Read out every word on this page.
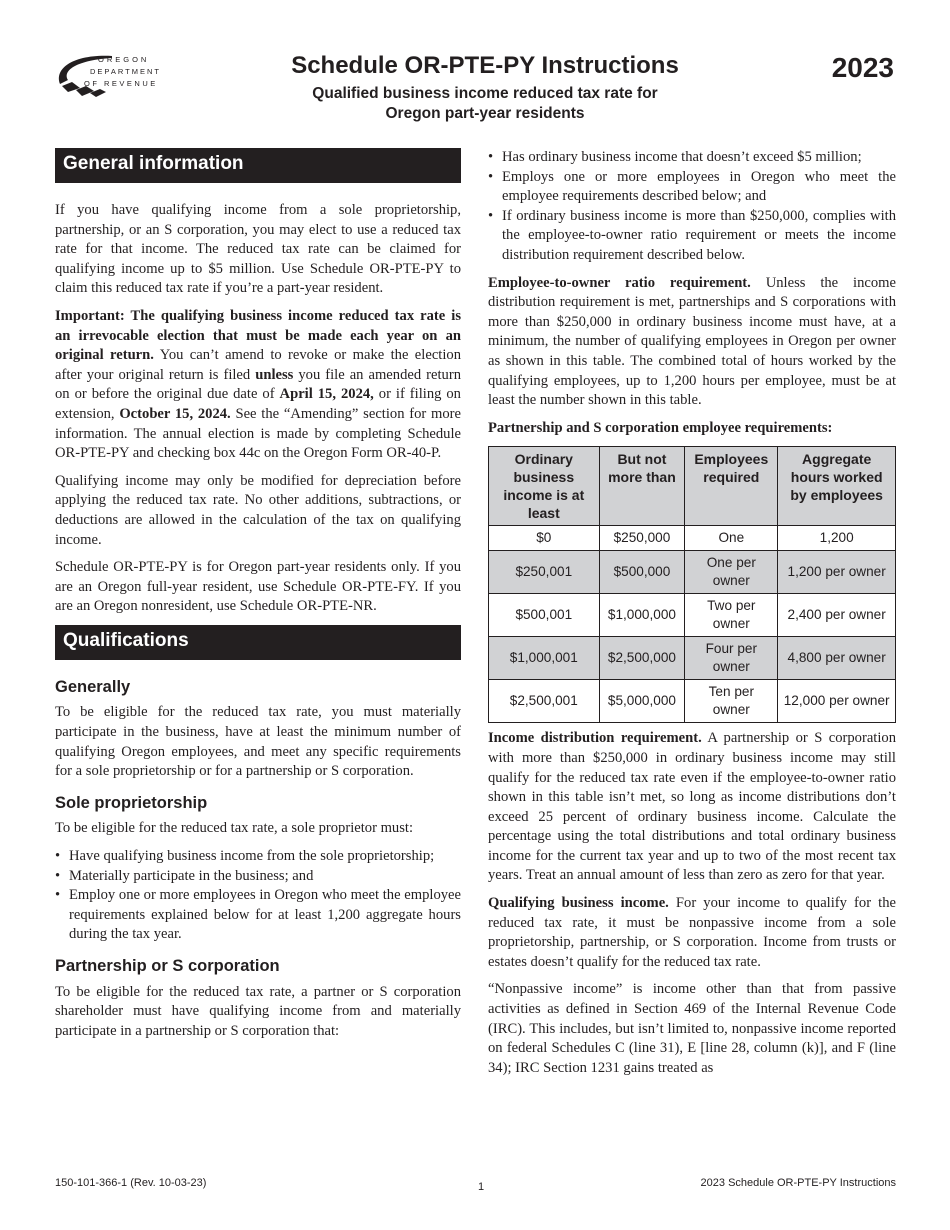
OREGON
DEPARTMENT
OF REVENUE
Schedule OR-PTE-PY Instructions
Qualified business income reduced tax rate for Oregon part-year residents
2023
General information

If you have qualifying income from a sole proprietorship, partnership, or an S corporation, you may elect to use a reduced tax rate for that income. The reduced tax rate can be claimed for qualifying income up to $5 million. Use Schedule OR-PTE-PY to claim this reduced tax rate if you’re a part-year resident.

Important: The qualifying business income reduced tax rate is an irrevocable election that must be made each year on an original return. You can’t amend to revoke or make the election after your original return is filed unless you file an amended return on or before the original due date of April 15, 2024, or if filing on extension, October 15, 2024. See the “Amending” section for more information. The annual election is made by completing Schedule OR-PTE-PY and checking box 44c on the Oregon Form OR-40-P.

Qualifying income may only be modified for depreciation before applying the reduced tax rate. No other additions, subtractions, or deductions are allowed in the calculation of the tax on qualifying income.

Schedule OR-PTE-PY is for Oregon part-year residents only. If you are an Oregon full-year resident, use Schedule OR-PTE-FY. If you are an Oregon nonresident, use Schedule OR-PTE-NR.

Qualifications
Generally

To be eligible for the reduced tax rate, you must materially participate in the business, have at least the minimum number of qualifying Oregon employees, and meet any specific requirements for a sole proprietorship or for a partnership or S corporation.

Sole proprietorship

To be eligible for the reduced tax rate, a sole proprietor must:

• Have qualifying business income from the sole proprietorship;
• Materially participate in the business; and
• Employ one or more employees in Oregon who meet the employee requirements explained below for at least 1,200 aggregate hours during the tax year.
Partnership or S corporation

To be eligible for the reduced tax rate, a partner or S corporation shareholder must have qualifying income from and materially participate in a partnership or S corporation that:

• Has ordinary business income that doesn’t exceed $5 million;
• Employs one or more employees in Oregon who meet the employee requirements described below; and
• If ordinary business income is more than $250,000, complies with the employee-to-owner ratio requirement or meets the income distribution requirement described below.

Employee-to-owner ratio requirement. Unless the income distribution requirement is met, partnerships and S corporations with more than $250,000 in ordinary business income must have, at a minimum, the number of qualifying employees in Oregon per owner as shown in this table. The combined total of hours worked by the qualifying employees, up to 1,200 hours per employee, must be at least the number shown in this table.

Partnership and S corporation employee requirements:

Ordinary business income is at least	But not more than	Employees required	Aggregate hours worked by employees
$0	$250,000	One	1,200
$250,001	$500,000	One per owner	1,200 per owner
$500,001	$1,000,000	Two per owner	2,400 per owner
$1,000,001	$2,500,000	Four per owner	4,800 per owner
$2,500,001	$5,000,000	Ten per owner	12,000 per owner

Income distribution requirement. A partnership or S corporation with more than $250,000 in ordinary business income may still qualify for the reduced tax rate even if the employee-to-owner ratio shown in this table isn’t met, so long as income distributions don’t exceed 25 percent of ordinary business income. Calculate the percentage using the total distributions and total ordinary business income for the current tax year and up to two of the most recent tax years. Treat an annual amount of less than zero as zero for that year.

Qualifying business income. For your income to qualify for the reduced tax rate, it must be nonpassive income from a sole proprietorship, partnership, or S corporation. Income from trusts or estates doesn’t qualify for the reduced tax rate.

“Nonpassive income” is income other than that from passive activities as defined in Section 469 of the Internal Revenue Code (IRC). This includes, but isn’t limited to, nonpassive income reported on federal Schedules C (line 31), E [line 28, column (k)], and F (line 34); IRC Section 1231 gains treated as

150-101-366-1 (Rev. 10-03-23)	1	2023 Schedule OR-PTE-PY Instructions
